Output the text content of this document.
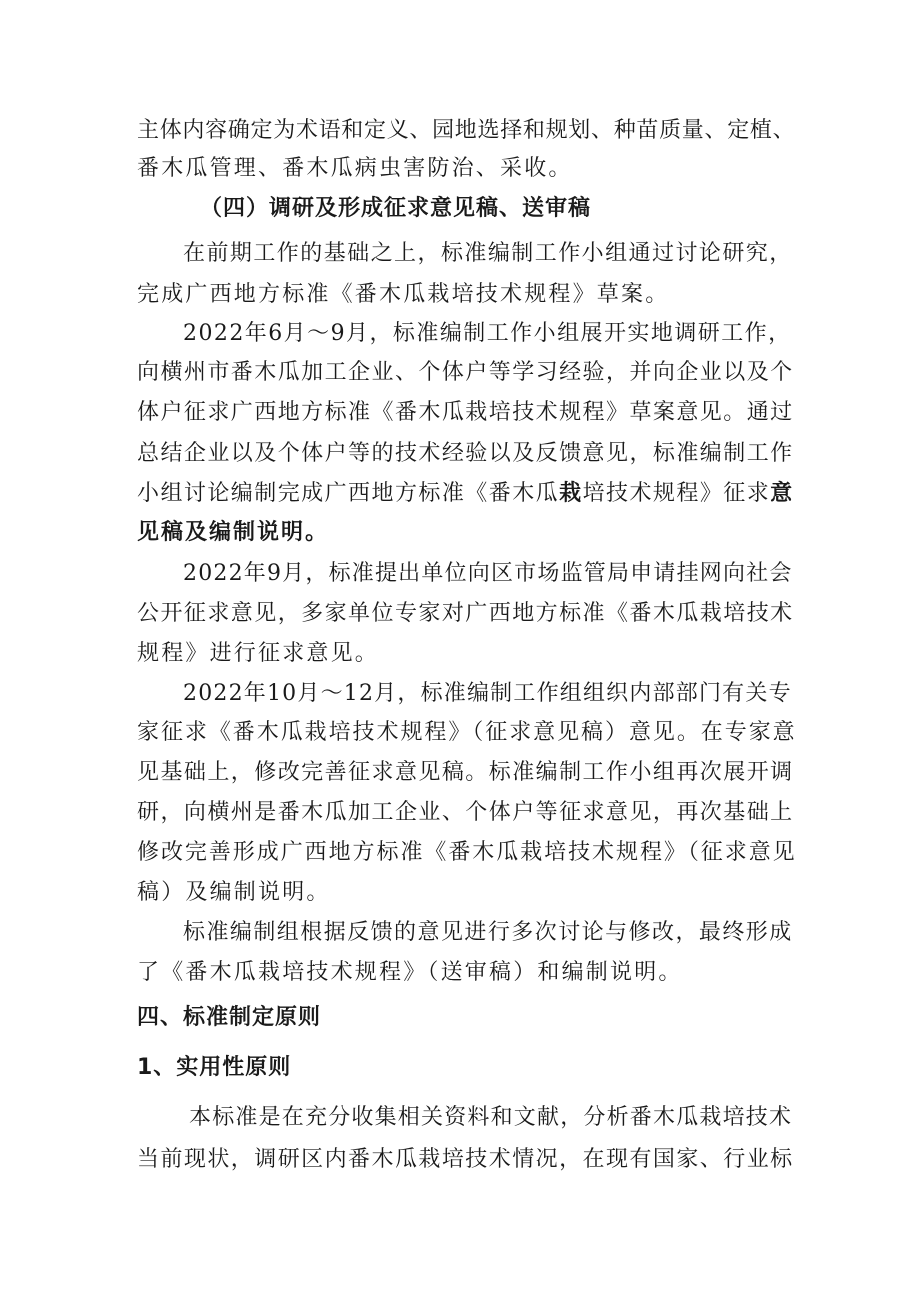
主体内容确定为术语和定义、园地选择和规划、种苗质量、定植、
番木瓜管理、番木瓜病虫害防治、采收。
（四）调研及形成征求意见稿、送审稿
在前期工作的基础之上，标准编制工作小组通过讨论研究，
完成广西地方标准《番木瓜栽培技术规程》草案。
2022年6月～9月，标准编制工作小组展开实地调研工作，
向横州市番木瓜加工企业、个体户等学习经验，并向企业以及个
体户征求广西地方标准《番木瓜栽培技术规程》草案意见。通过
总结企业以及个体户等的技术经验以及反馈意见，标准编制工作
小组讨论编制完成广西地方标准《番木瓜栽培技术规程》征求意
见稿及编制说明。
2022年9月，标准提出单位向区市场监管局申请挂网向社会
公开征求意见，多家单位专家对广西地方标准《番木瓜栽培技术
规程》进行征求意见。
2022年10月～12月，标准编制工作组组织内部部门有关专
家征求《番木瓜栽培技术规程》（征求意见稿）意见。在专家意
见基础上，修改完善征求意见稿。标准编制工作小组再次展开调
研，向横州是番木瓜加工企业、个体户等征求意见，再次基础上
修改完善形成广西地方标准《番木瓜栽培技术规程》（征求意见
稿）及编制说明。
标准编制组根据反馈的意见进行多次讨论与修改，最终形成
了《番木瓜栽培技术规程》（送审稿）和编制说明。
四、标准制定原则
1、实用性原则
本标准是在充分收集相关资料和文献，分析番木瓜栽培技术
当前现状，调研区内番木瓜栽培技术情况，在现有国家、行业标
